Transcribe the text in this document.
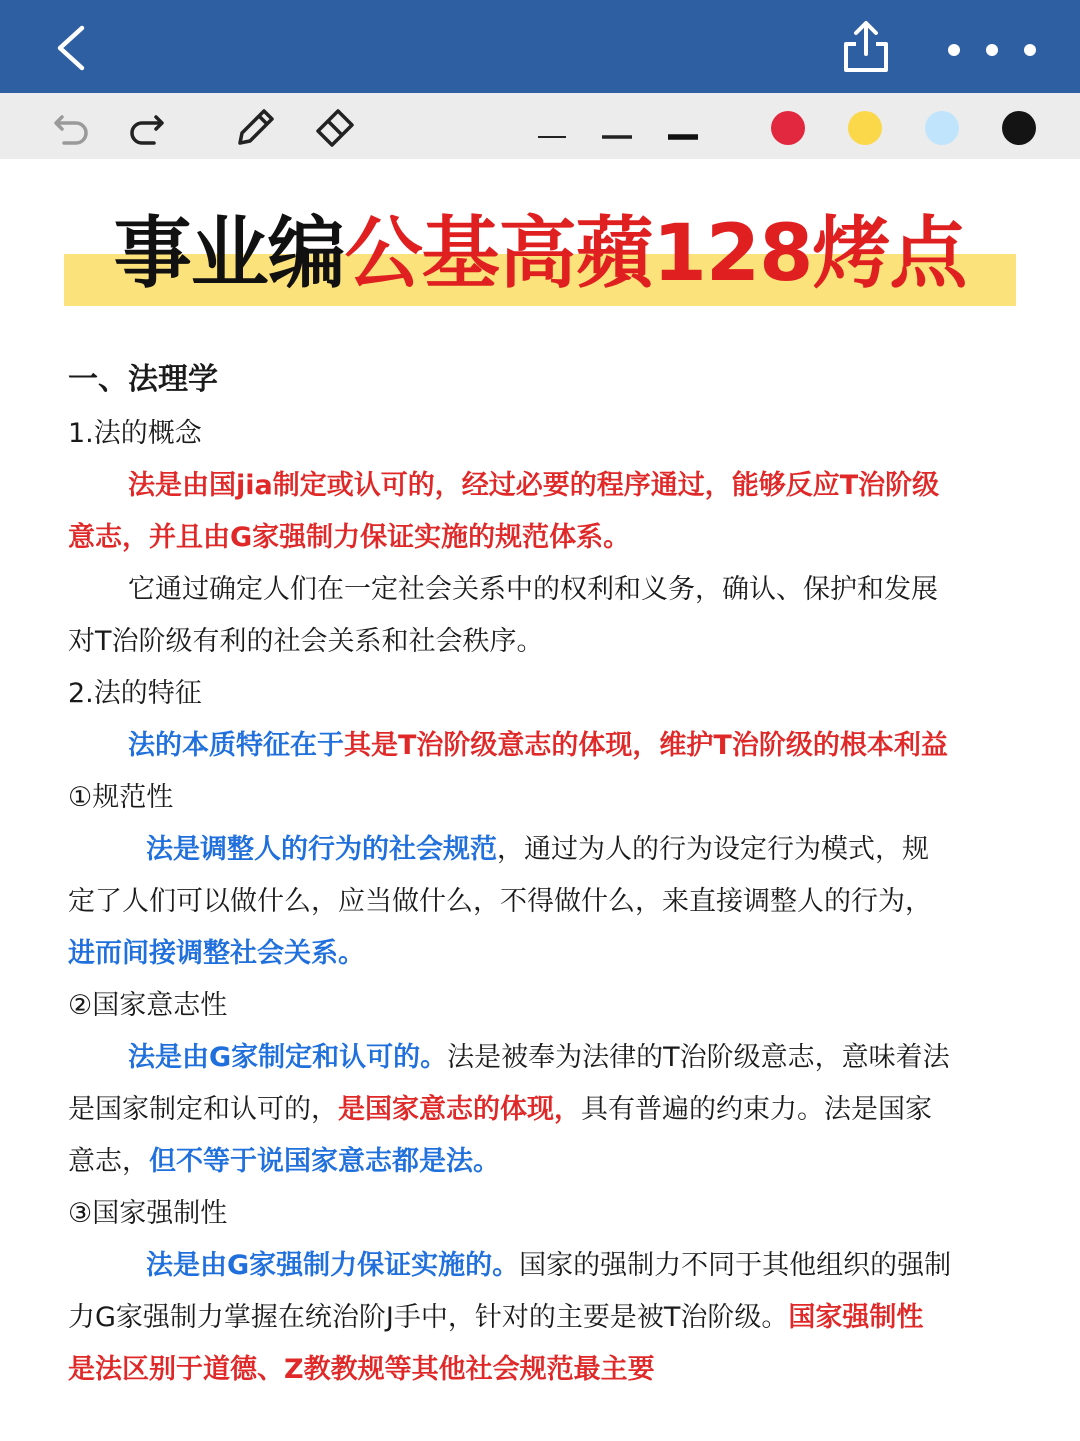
事业编公基高蘋128烤点
一、法理学
1.法的概念
法是由国jia制定或认可的，经过必要的程序通过，能够反应T治阶级
意志，并且由G家强制力保证实施的规范体系。
它通过确定人们在一定社会关系中的权利和义务，确认、保护和发展
对T治阶级有利的社会关系和社会秩序。
2.法的特征
法的本质特征在于其是T治阶级意志的体现，维护T治阶级的根本利益
①规范性
法是调整人的行为的社会规范，通过为人的行为设定行为模式，规
定了人们可以做什么，应当做什么，不得做什么，来直接调整人的行为，
进而间接调整社会关系。
②国家意志性
法是由G家制定和认可的。法是被奉为法律的T治阶级意志，意味着法
是国家制定和认可的，是国家意志的体现，具有普遍的约束力。法是国家
意志，但不等于说国家意志都是法。
③国家强制性
法是由G家强制力保证实施的。国家的强制力不同于其他组织的强制
力G家强制力掌握在统治阶J手中，针对的主要是被T治阶级。国家强制性
是法区别于道德、Z教教规等其他社会规范最主要
